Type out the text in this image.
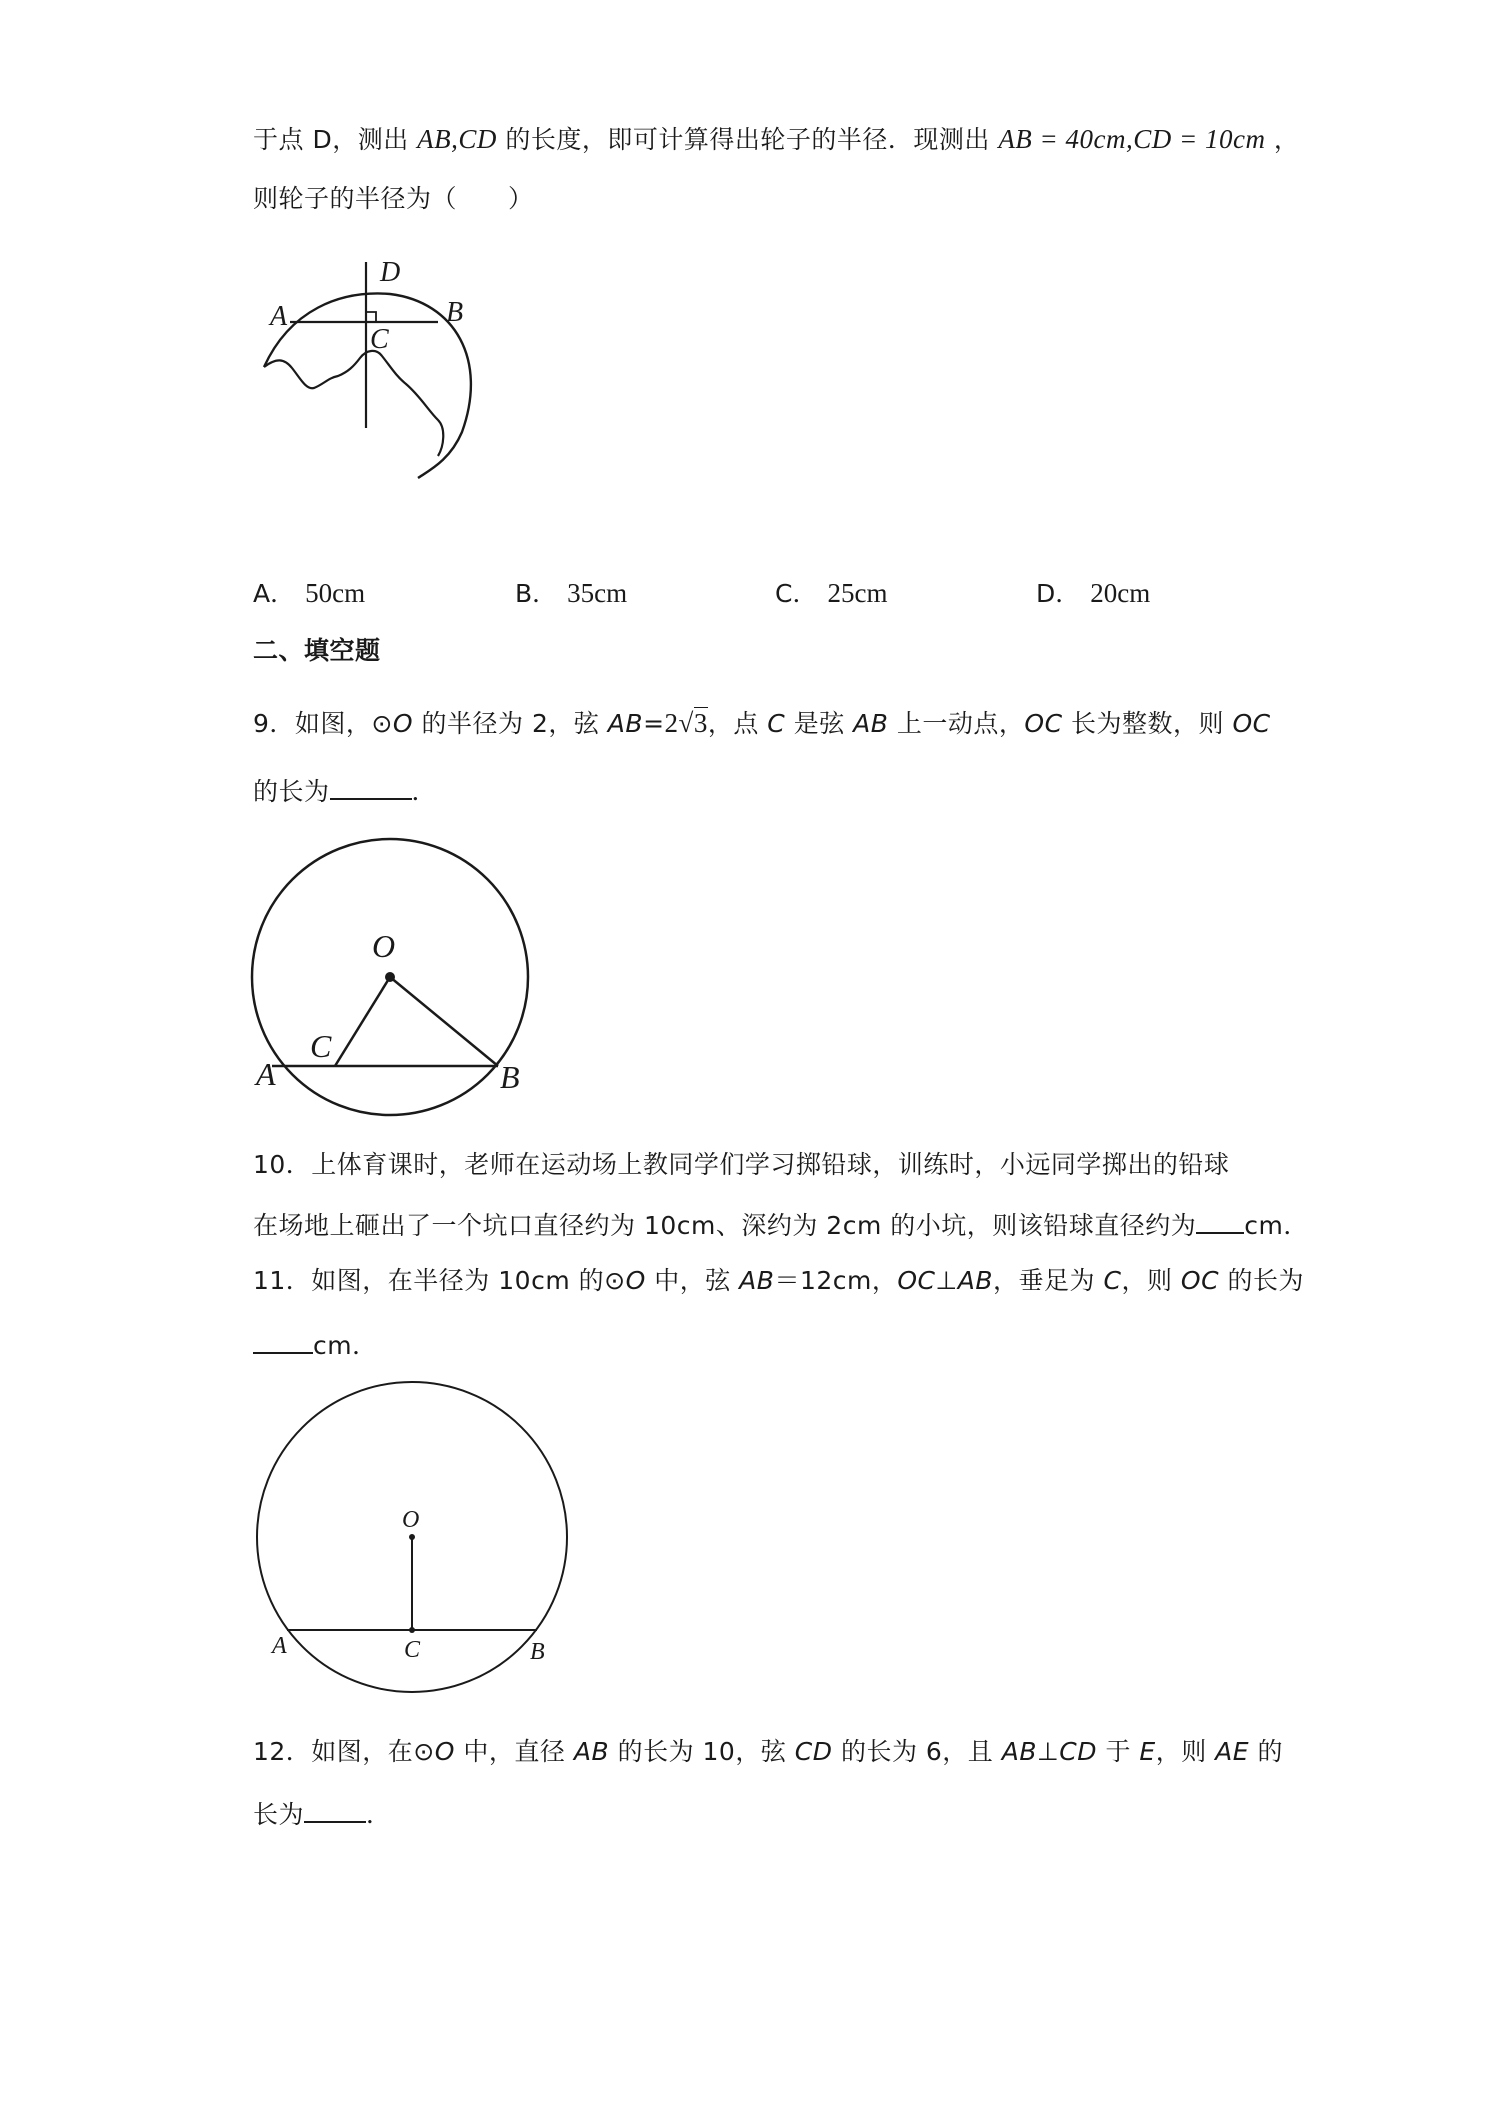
于点 D，测出 AB,CD 的长度，即可计算得出轮子的半径．现测出 AB = 40cm,CD = 10cm ，
则轮子的半径为（　　）
D
A	B
C
A． 50cm	B． 35cm	C． 25cm	D． 20cm
二、填空题
9．如图，⊙O 的半径为 2，弦 AB=2√3，点 C 是弦 AB 上一动点，OC 长为整数，则 OC
的长为	．
O
C
A	B
10．上体育课时，老师在运动场上教同学们学习掷铅球，训练时，小远同学掷出的铅球
在场地上砸出了一个坑口直径约为 10cm、深约为 2cm 的小坑，则该铅球直径约为 cm．
11．如图，在半径为 10cm 的⊙O 中，弦 AB＝12cm，OC⊥AB，垂足为 C，则 OC 的长为
cm．
O
A	C	B
12．如图，在⊙O 中，直径 AB 的长为 10，弦 CD 的长为 6，且 AB⊥CD 于 E，则 AE 的
长为 ．
